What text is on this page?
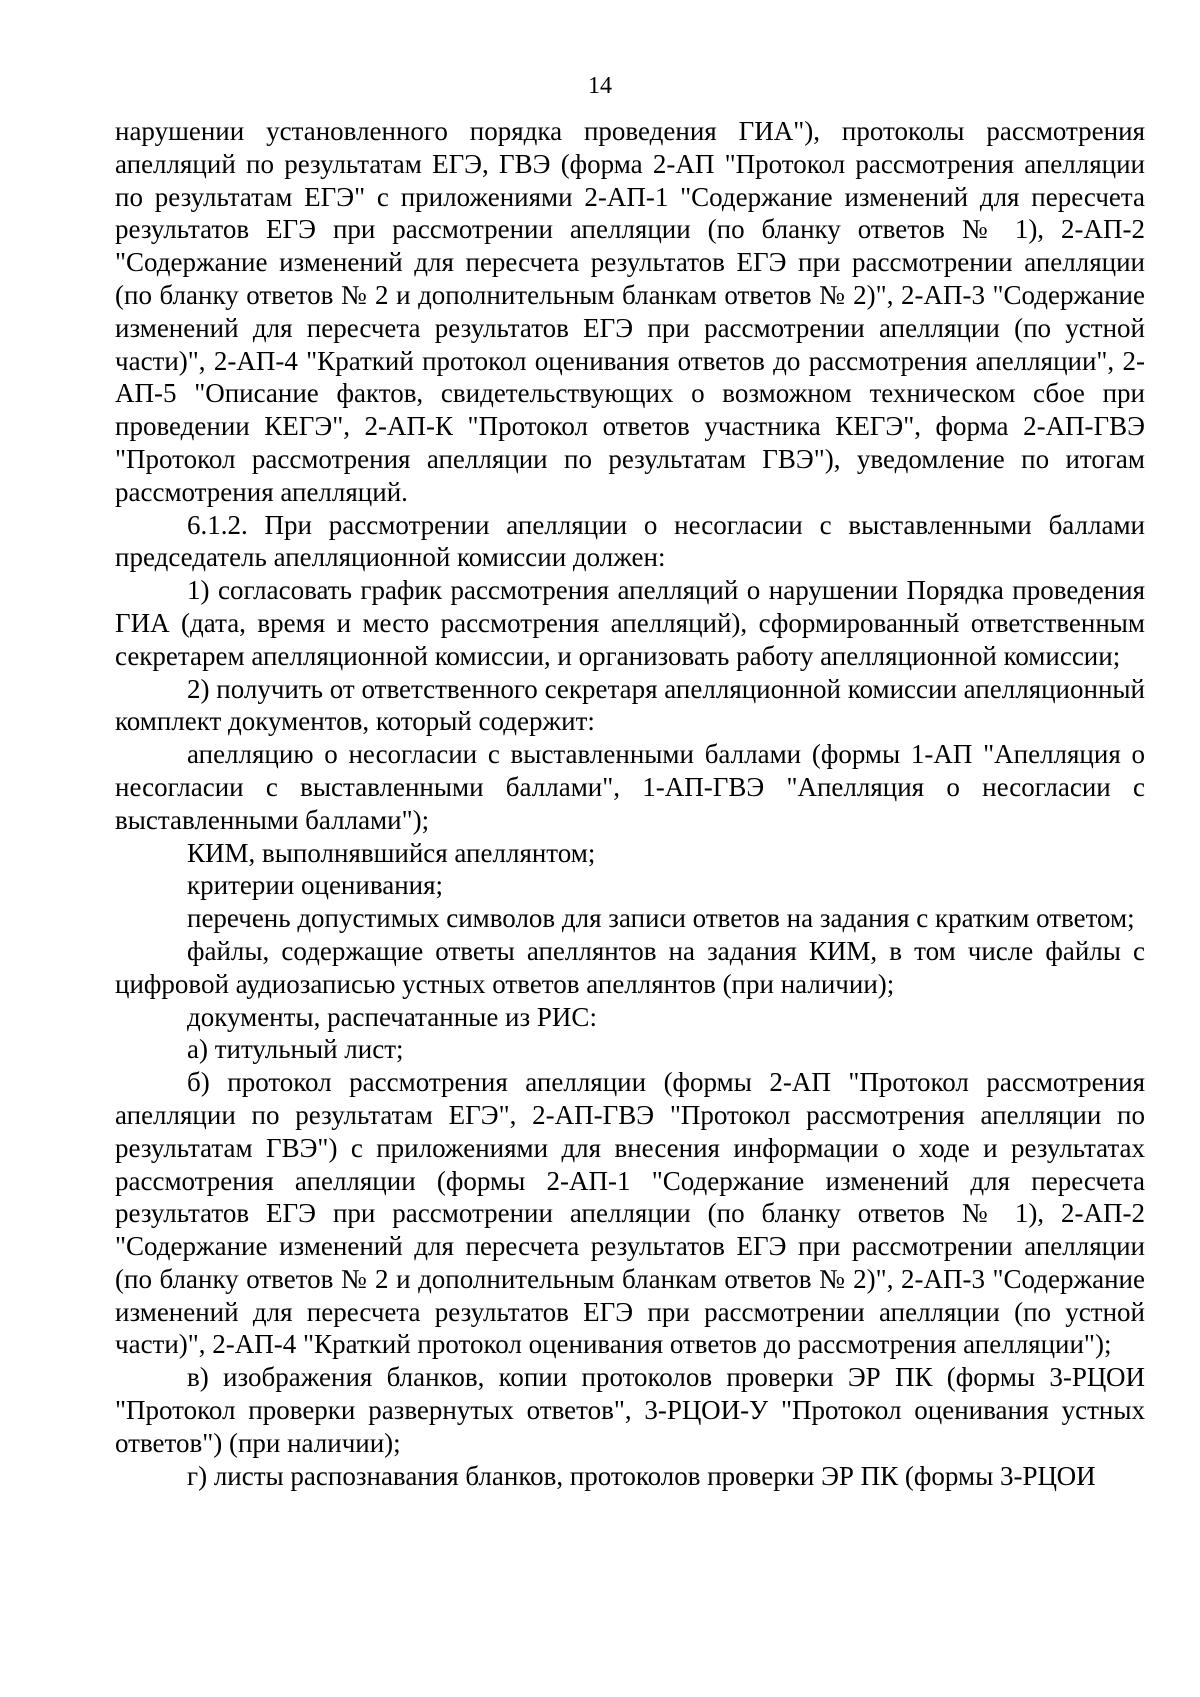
14

нарушении установленного порядка проведения ГИА"), протоколы рассмотрения апелляций по результатам ЕГЭ, ГВЭ (форма 2-АП "Протокол рассмотрения апелляции по результатам ЕГЭ" с приложениями 2-АП-1 "Содержание изменений для пересчета результатов ЕГЭ при рассмотрении апелляции (по бланку ответов № 1), 2-АП-2 "Содержание изменений для пересчета результатов ЕГЭ при рассмотрении апелляции (по бланку ответов № 2 и дополнительным бланкам ответов № 2)", 2-АП-3 "Содержание изменений для пересчета результатов ЕГЭ при рассмотрении апелляции (по устной части)", 2-АП-4 "Краткий протокол оценивания ответов до рассмотрения апелляции", 2-АП-5 "Описание фактов, свидетельствующих о возможном техническом сбое при проведении КЕГЭ", 2-АП-К "Протокол ответов участника КЕГЭ", форма 2-АП-ГВЭ "Протокол рассмотрения апелляции по результатам ГВЭ"), уведомление по итогам рассмотрения апелляций.

6.1.2. При рассмотрении апелляции о несогласии с выставленными баллами председатель апелляционной комиссии должен:

1) согласовать график рассмотрения апелляций о нарушении Порядка проведения ГИА (дата, время и место рассмотрения апелляций), сформированный ответственным секретарем апелляционной комиссии, и организовать работу апелляционной комиссии;

2) получить от ответственного секретаря апелляционной комиссии апелляционный комплект документов, который содержит:

апелляцию о несогласии с выставленными баллами (формы 1-АП "Апелляция о несогласии с выставленными баллами", 1-АП-ГВЭ "Апелляция о несогласии с выставленными баллами");

КИМ, выполнявшийся апеллянтом;

критерии оценивания;

перечень допустимых символов для записи ответов на задания с кратким ответом;

файлы, содержащие ответы апеллянтов на задания КИМ, в том числе файлы с цифровой аудиозаписью устных ответов апеллянтов (при наличии);

документы, распечатанные из РИС:

а) титульный лист;

б) протокол рассмотрения апелляции (формы 2-АП "Протокол рассмотрения апелляции по результатам ЕГЭ", 2-АП-ГВЭ "Протокол рассмотрения апелляции по результатам ГВЭ") с приложениями для внесения информации о ходе и результатах рассмотрения апелляции (формы 2-АП-1 "Содержание изменений для пересчета результатов ЕГЭ при рассмотрении апелляции (по бланку ответов № 1), 2-АП-2 "Содержание изменений для пересчета результатов ЕГЭ при рассмотрении апелляции (по бланку ответов № 2 и дополнительным бланкам ответов № 2)", 2-АП-3 "Содержание изменений для пересчета результатов ЕГЭ при рассмотрении апелляции (по устной части)", 2-АП-4 "Краткий протокол оценивания ответов до рассмотрения апелляции");

в) изображения бланков, копии протоколов проверки ЭР ПК (формы 3-РЦОИ "Протокол проверки развернутых ответов", 3-РЦОИ-У "Протокол оценивания устных ответов") (при наличии);

г) листы распознавания бланков, протоколов проверки ЭР ПК (формы 3-РЦОИ
